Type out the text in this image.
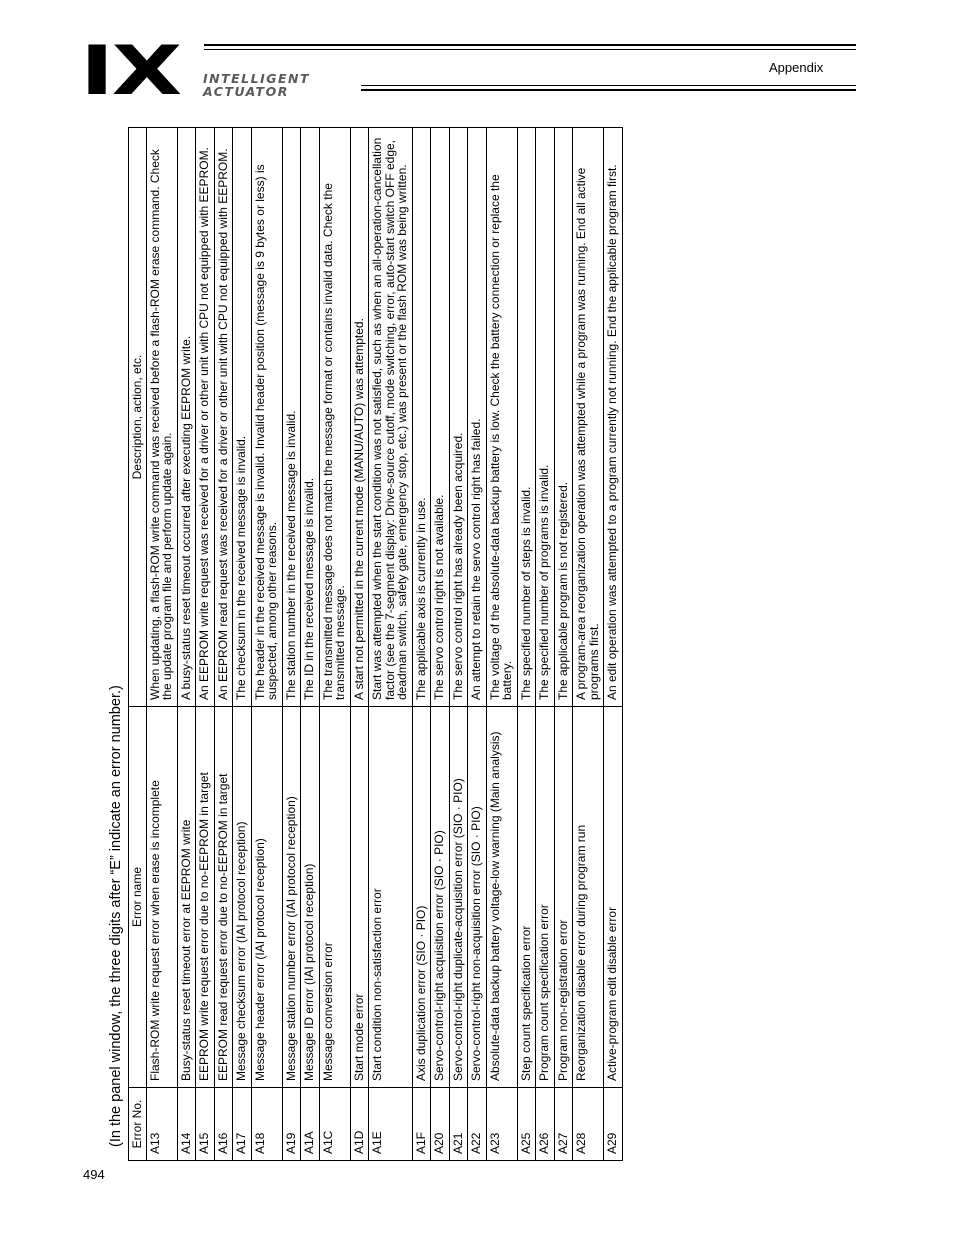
IX INTELLIGENT
ACTUATOR
Appendix
(In the panel window, the three digits after “E” indicate an error number.) Error No.	Error name	Description, action, etc.
A13	Flash-ROM write request error when erase is incomplete	When updating, a flash-ROM write command was received before a flash-ROM erase command. Check the update program file and perform update again.
A14	Busy-status reset timeout error at EEPROM write	A busy-status reset timeout occurred after executing EEPROM write.
A15	EEPROM write request error due to no-EEPROM in target	An EEPROM write request was received for a driver or other unit with CPU not equipped with EEPROM.
A16	EEPROM read request error due to no-EEPROM in target	An EEPROM read request was received for a driver or other unit with CPU not equipped with EEPROM.
A17	Message checksum error (IAI protocol reception)	The checksum in the received message is invalid.
A18	Message header error (IAI protocol reception)	The header in the received message is invalid. Invalid header position (message is 9 bytes or less) is suspected, among other reasons.
A19	Message station number error (IAI protocol reception)	The station number in the received message is invalid.
A1A	Message ID error (IAI protocol reception)	The ID in the received message is invalid.
A1C	Message conversion error	The transmitted message does not match the message format or contains invalid data. Check the transmitted message.
A1D	Start mode error	A start not permitted in the current mode (MANU/AUTO) was attempted.
A1E	Start condition non-satisfaction error	Start was attempted when the start condition was not satisfied, such as when an all-operation-cancellation factor (see the 7-segment display: Drive-source cutoff, mode switching, error, auto-start switch OFF edge, deadman switch, safety gate, emergency stop, etc.) was present or the flash ROM was being written.
A1F	Axis duplication error (SIO · PIO)	The applicable axis is currently in use.
A20	Servo-control-right acquisition error (SIO · PIO)	The servo control right is not available.
A21	Servo-control-right duplicate-acquisition error (SIO · PIO)	The servo control right has already been acquired.
A22	Servo-control-right non-acquisition error (SIO · PIO)	An attempt to retain the servo control right has failed.
A23	Absolute-data backup battery voltage-low warning (Main analysis)	The voltage of the absolute-data backup battery is low. Check the battery connection or replace the battery.
A25	Step count specification error	The specified number of steps is invalid.
A26	Program count specification error	The specified number of programs is invalid.
A27	Program non-registration error	The applicable program is not registered.
A28	Reorganization disable error during program run	A program-area reorganization operation was attempted while a program was running. End all active programs first.
A29	Active-program edit disable error	An edit operation was attempted to a program currently not running. End the applicable program first.
494
